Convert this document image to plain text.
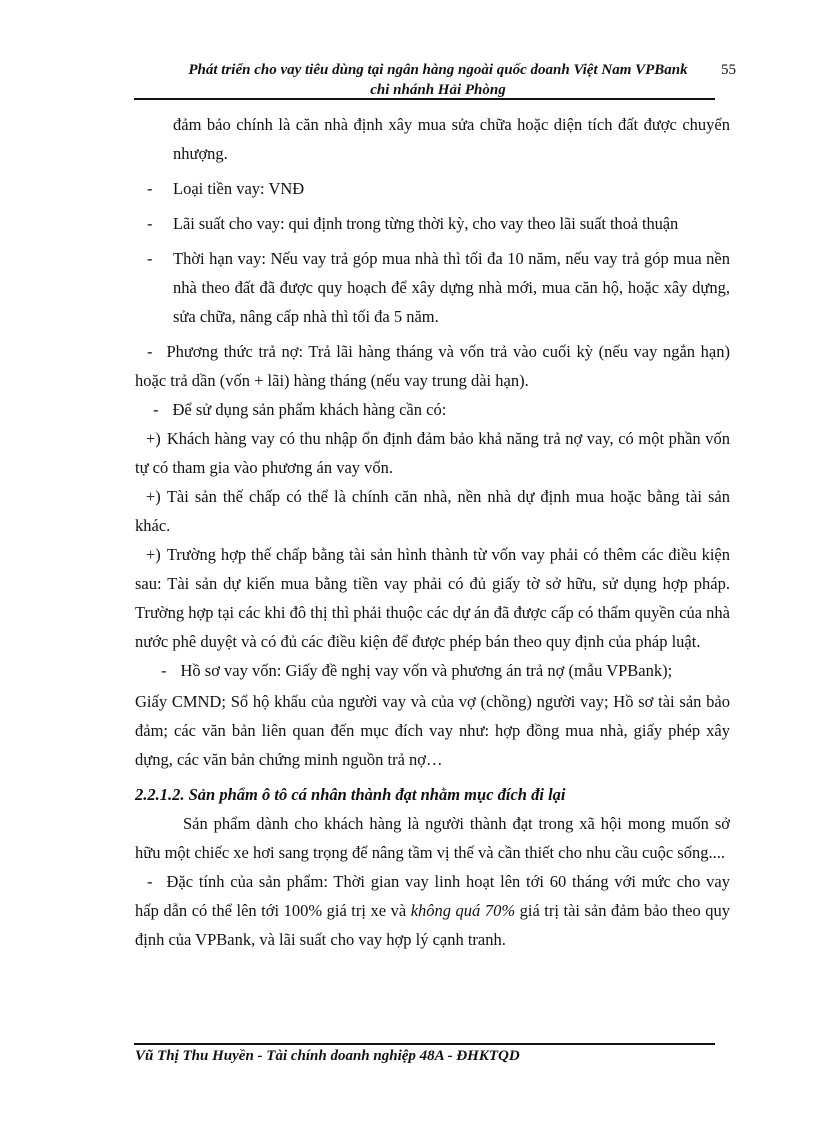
Phát triển cho vay tiêu dùng tại ngân hàng ngoài quốc doanh Việt Nam VPBank
chi nhánh Hải Phòng
55

đảm bảo chính là căn nhà định xây mua sửa chữa hoặc diện tích đất được chuyển nhượng.

- Loại tiền vay: VNĐ
- Lãi suất cho vay: qui định trong từng thời kỳ, cho vay theo lãi suất thoả thuận
- Thời hạn vay: Nếu vay trả góp mua nhà thì tối đa 10 năm, nếu vay trả góp mua nền nhà theo đất đã được quy hoạch để xây dựng nhà mới, mua căn hộ, hoặc xây dựng, sửa chữa, nâng cấp nhà thì tối đa 5 năm.

- Phương thức trả nợ: Trả lãi hàng tháng và vốn trả vào cuối kỳ (nếu vay ngắn hạn) hoặc trả dần (vốn + lãi) hàng tháng (nếu vay trung dài hạn).

- Để sử dụng sản phẩm khách hàng cần có:

+) Khách hàng vay có thu nhập ổn định đảm bảo khả năng trả nợ vay, có một phần vốn tự có tham gia vào phương án vay vốn.

+) Tài sản thế chấp có thể là chính căn nhà, nền nhà dự định mua hoặc bằng tài sản khác.

+) Trường hợp thế chấp bằng tài sản hình thành từ vốn vay phải có thêm các điều kiện sau: Tài sản dự kiến mua bằng tiền vay phải có đủ giấy tờ sở hữu, sử dụng hợp pháp. Trường hợp tại các khi đô thị thì phải thuộc các dự án đã được cấp có thẩm quyền của nhà nước phê duyệt và có đủ các điều kiện để được phép bán theo quy định của pháp luật.

- Hồ sơ vay vốn: Giấy đề nghị vay vốn và phương án trả nợ (mẫu VPBank);

Giấy CMND; Sổ hộ khẩu của người vay và của vợ (chồng) người vay; Hồ sơ tài sản bảo đảm; các văn bản liên quan đến mục đích vay như: hợp đồng mua nhà, giấy phép xây dựng, các văn bản chứng minh nguồn trả nợ…

2.2.1.2. Sản phẩm ô tô cá nhân thành đạt nhằm mục đích đi lại

Sản phẩm dành cho khách hàng là người thành đạt trong xã hội mong muốn sở hữu một chiếc xe hơi sang trọng để nâng tầm vị thế và cần thiết cho nhu cầu cuộc sống....

- Đặc tính của sản phẩm: Thời gian vay linh hoạt lên tới 60 tháng với mức cho vay hấp dẫn có thể lên tới 100% giá trị xe và không quá 70% giá trị tài sản đảm bảo theo quy định của VPBank, và lãi suất cho vay hợp lý cạnh tranh.

Vũ Thị Thu Huyền - Tài chính doanh nghiệp 48A - ĐHKTQD
